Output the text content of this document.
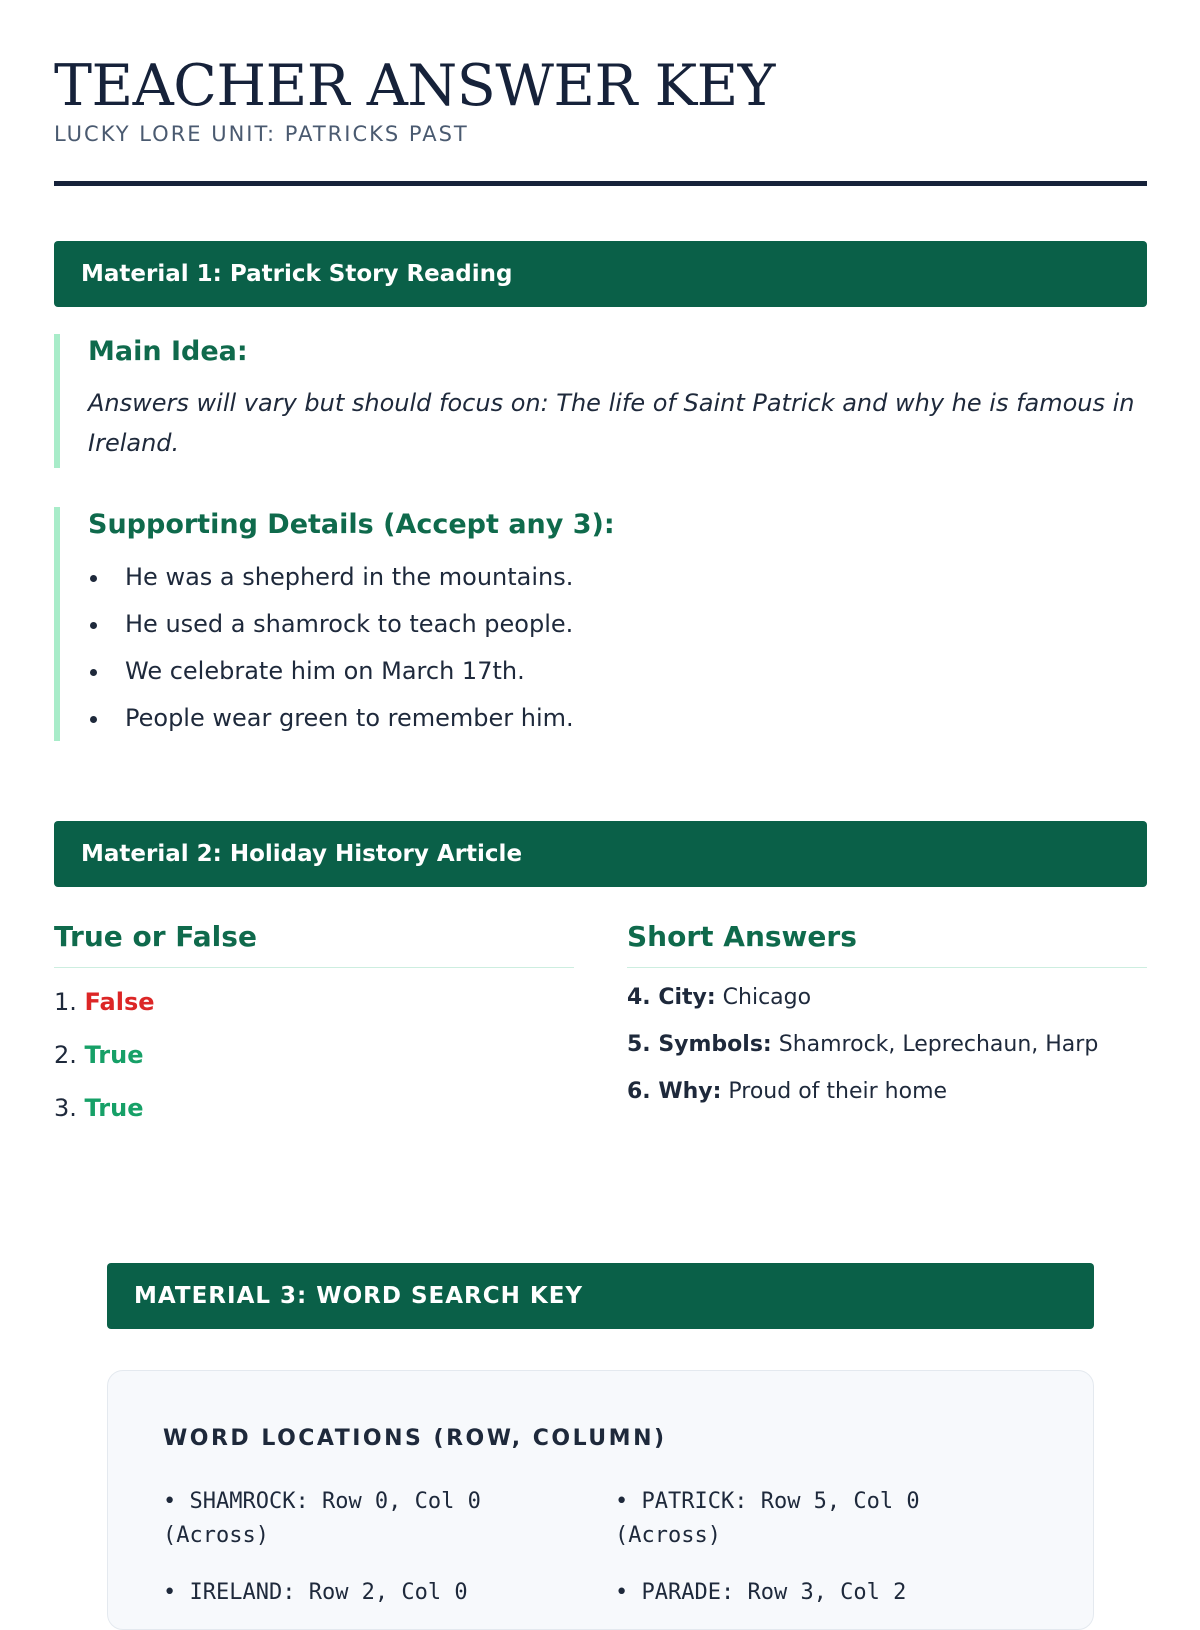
TEACHER ANSWER KEY
LUCKY LORE UNIT: PATRICKS PAST
Material 1: Patrick Story Reading
Main Idea:
Answers will vary but should focus on: The life of Saint Patrick and why he is famous in Ireland.
Supporting Details (Accept any 3):
He was a shepherd in the mountains.
He used a shamrock to teach people.
We celebrate him on March 17th.
People wear green to remember him.
Material 2: Holiday History Article
True or False
1. False
2. True
3. True
Short Answers
4. City: Chicago
5. Symbols: Shamrock, Leprechaun, Harp
6. Why: Proud of their home
MATERIAL 3: WORD SEARCH KEY
WORD LOCATIONS (ROW, COLUMN)
• SHAMROCK: Row 0, Col 0 (Across)
• PATRICK: Row 5, Col 0 (Across)
• IRELAND: Row 2, Col 0
•	PARADE: Row 3, Col 2
